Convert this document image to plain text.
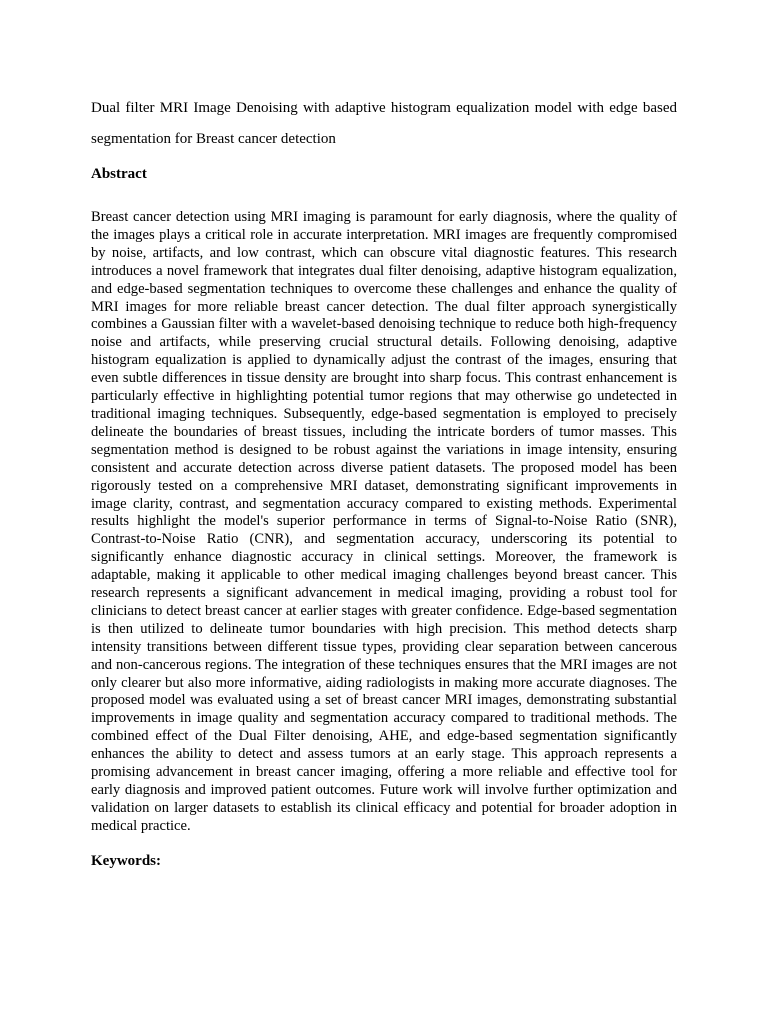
Dual filter MRI Image Denoising with adaptive histogram equalization model with edge based segmentation for Breast cancer detection

Abstract

Breast cancer detection using MRI imaging is paramount for early diagnosis, where the quality of the images plays a critical role in accurate interpretation. MRI images are frequently compromised by noise, artifacts, and low contrast, which can obscure vital diagnostic features. This research introduces a novel framework that integrates dual filter denoising, adaptive histogram equalization, and edge-based segmentation techniques to overcome these challenges and enhance the quality of MRI images for more reliable breast cancer detection. The dual filter approach synergistically combines a Gaussian filter with a wavelet-based denoising technique to reduce both high-frequency noise and artifacts, while preserving crucial structural details. Following denoising, adaptive histogram equalization is applied to dynamically adjust the contrast of the images, ensuring that even subtle differences in tissue density are brought into sharp focus. This contrast enhancement is particularly effective in highlighting potential tumor regions that may otherwise go undetected in traditional imaging techniques. Subsequently, edge-based segmentation is employed to precisely delineate the boundaries of breast tissues, including the intricate borders of tumor masses. This segmentation method is designed to be robust against the variations in image intensity, ensuring consistent and accurate detection across diverse patient datasets. The proposed model has been rigorously tested on a comprehensive MRI dataset, demonstrating significant improvements in image clarity, contrast, and segmentation accuracy compared to existing methods. Experimental results highlight the model's superior performance in terms of Signal-to-Noise Ratio (SNR), Contrast-to-Noise Ratio (CNR), and segmentation accuracy, underscoring its potential to significantly enhance diagnostic accuracy in clinical settings. Moreover, the framework is adaptable, making it applicable to other medical imaging challenges beyond breast cancer. This research represents a significant advancement in medical imaging, providing a robust tool for clinicians to detect breast cancer at earlier stages with greater confidence. Edge-based segmentation is then utilized to delineate tumor boundaries with high precision. This method detects sharp intensity transitions between different tissue types, providing clear separation between cancerous and non-cancerous regions. The integration of these techniques ensures that the MRI images are not only clearer but also more informative, aiding radiologists in making more accurate diagnoses. The proposed model was evaluated using a set of breast cancer MRI images, demonstrating substantial improvements in image quality and segmentation accuracy compared to traditional methods. The combined effect of the Dual Filter denoising, AHE, and edge-based segmentation significantly enhances the ability to detect and assess tumors at an early stage. This approach represents a promising advancement in breast cancer imaging, offering a more reliable and effective tool for early diagnosis and improved patient outcomes. Future work will involve further optimization and validation on larger datasets to establish its clinical efficacy and potential for broader adoption in medical practice.

Keywords:
